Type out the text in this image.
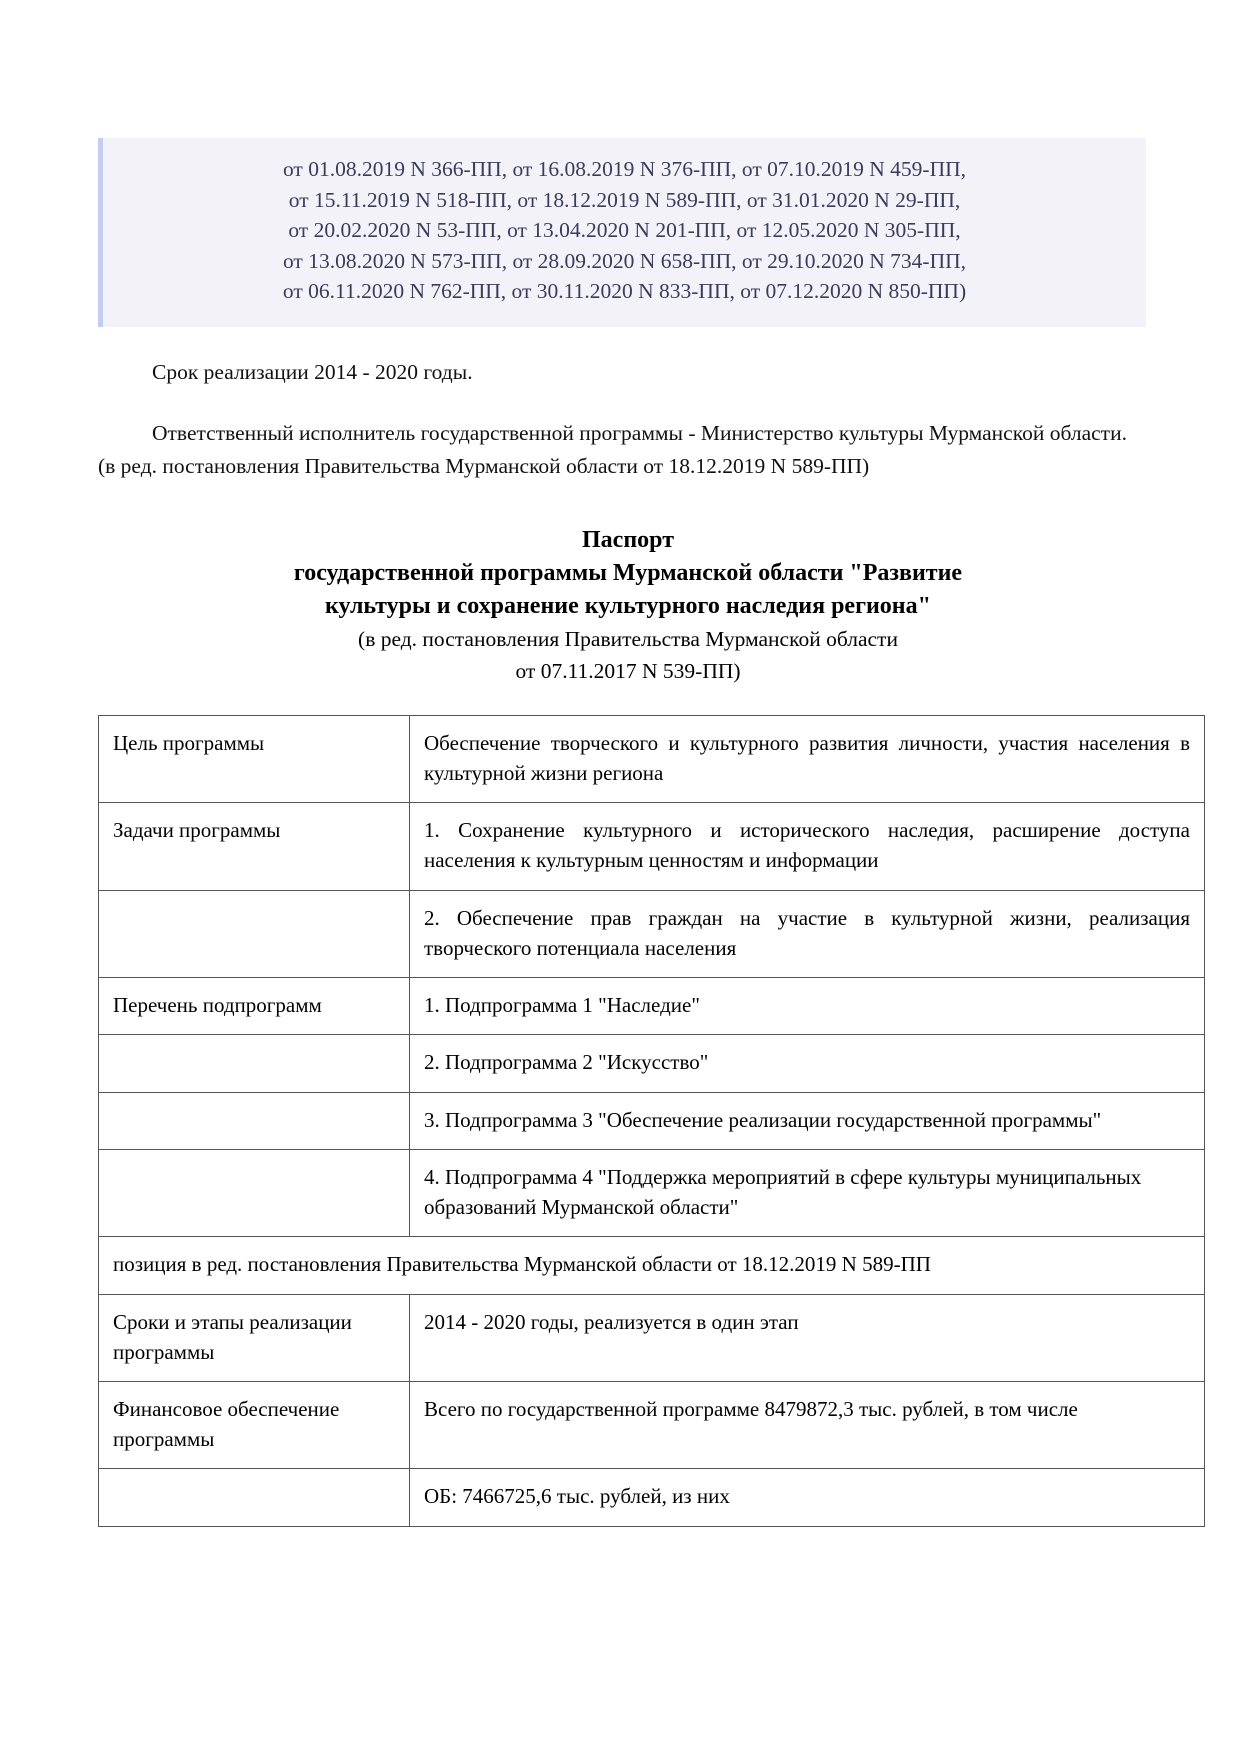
от 01.08.2019 N 366-ПП, от 16.08.2019 N 376-ПП, от 07.10.2019 N 459-ПП,
от 15.11.2019 N 518-ПП, от 18.12.2019 N 589-ПП, от 31.01.2020 N 29-ПП,
от 20.02.2020 N 53-ПП, от 13.04.2020 N 201-ПП, от 12.05.2020 N 305-ПП,
от 13.08.2020 N 573-ПП, от 28.09.2020 N 658-ПП, от 29.10.2020 N 734-ПП,
от 06.11.2020 N 762-ПП, от 30.11.2020 N 833-ПП, от 07.12.2020 N 850-ПП)
Срок реализации 2014 - 2020 годы.
Ответственный исполнитель государственной программы - Министерство культуры Мурманской области.
(в ред. постановления Правительства Мурманской области от 18.12.2019 N 589-ПП)
Паспорт
государственной программы Мурманской области "Развитие
культуры и сохранение культурного наследия региона"
(в ред. постановления Правительства Мурманской области
от 07.11.2017 N 539-ПП)
Цель программы	Обеспечение творческого и культурного развития личности, участия населения в культурной жизни региона
Задачи программы	1. Сохранение культурного и исторического наследия, расширение доступа населения к культурным ценностям и информации
	2. Обеспечение прав граждан на участие в культурной жизни, реализация творческого потенциала населения
Перечень подпрограмм	1. Подпрограмма 1 "Наследие"
	2. Подпрограмма 2 "Искусство"
	3. Подпрограмма 3 "Обеспечение реализации государственной программы"
	4. Подпрограмма 4 "Поддержка мероприятий в сфере культуры муниципальных образований Мурманской области"
позиция в ред. постановления Правительства Мурманской области от 18.12.2019 N 589-ПП	
Сроки и этапы реализации программы	2014 - 2020 годы, реализуется в один этап
Финансовое обеспечение программы	Всего по государственной программе 8479872,3 тыс. рублей, в том числе
	ОБ: 7466725,6 тыс. рублей, из них
